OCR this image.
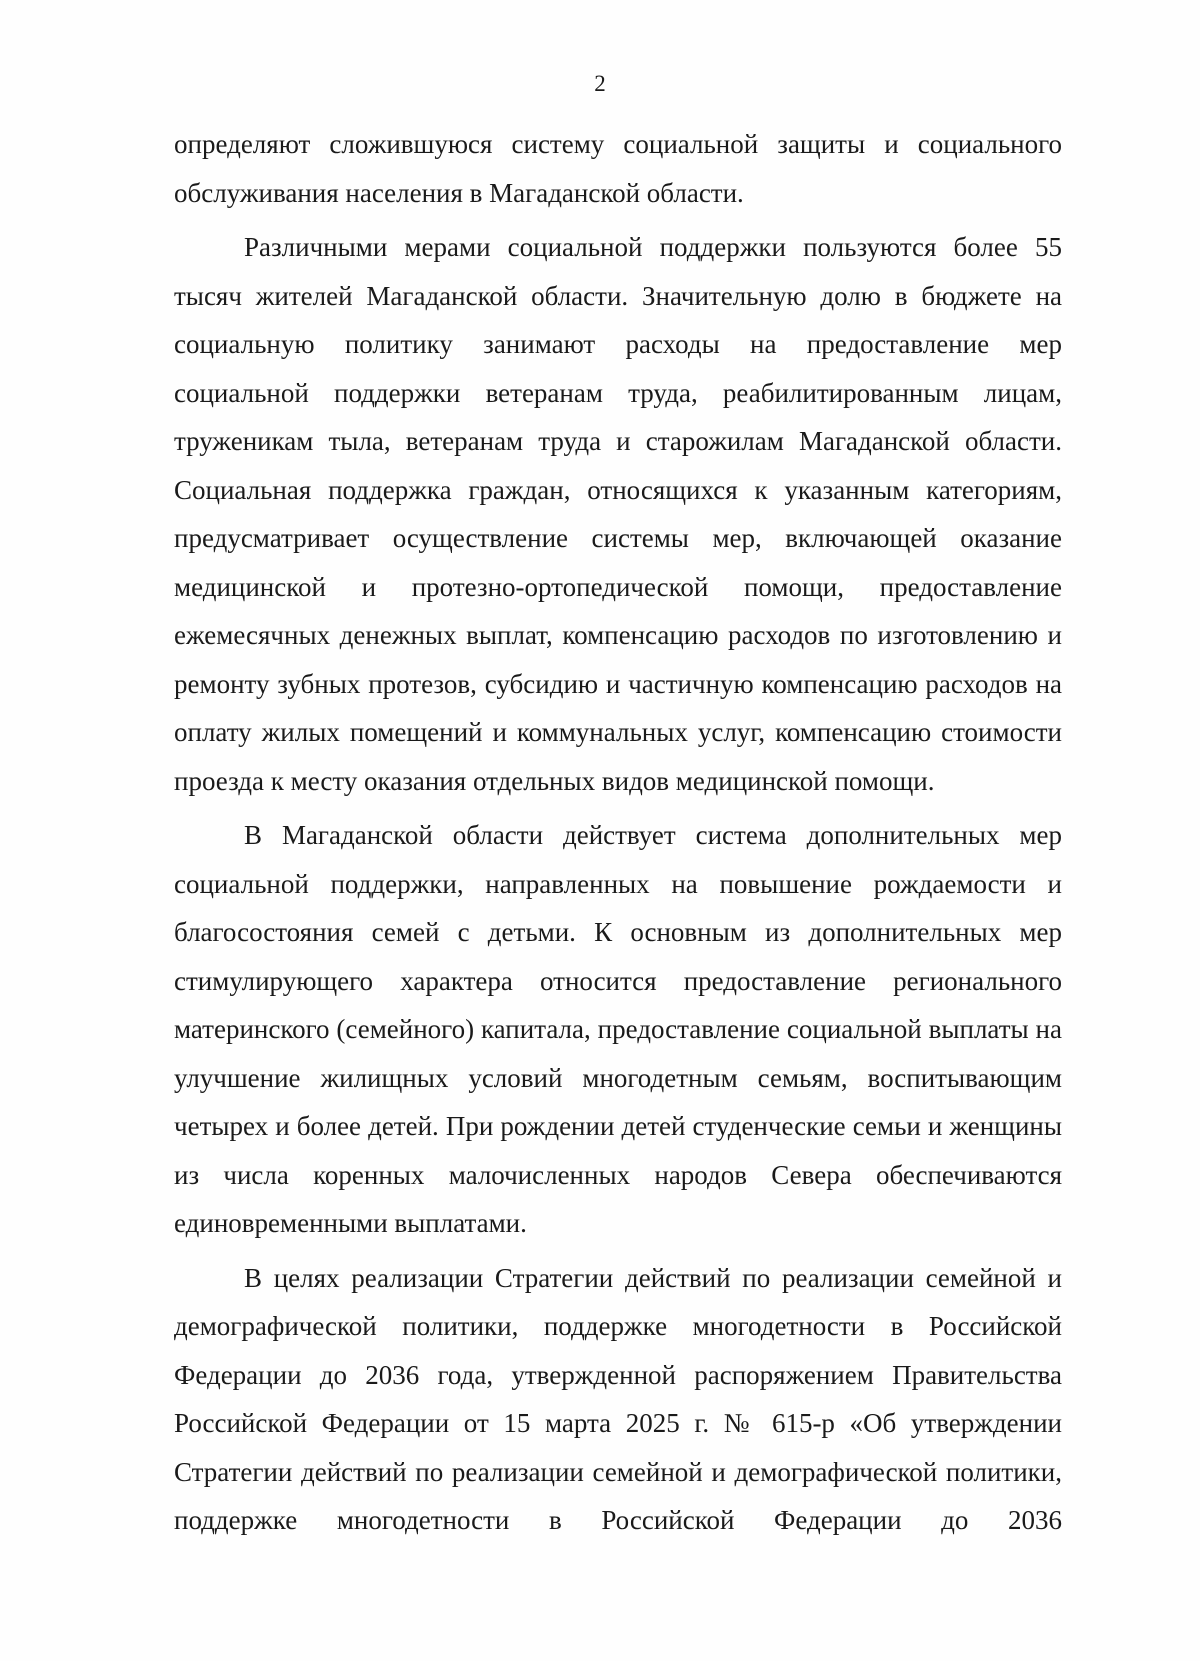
2

определяют сложившуюся систему социальной защиты и социального обслуживания населения в Магаданской области.

Различными мерами социальной поддержки пользуются более 55 тысяч жителей Магаданской области. Значительную долю в бюджете на социальную политику занимают расходы на предоставление мер социальной поддержки ветеранам труда, реабилитированным лицам, труженикам тыла, ветеранам труда и старожилам Магаданской области. Социальная поддержка граждан, относящихся к указанным категориям, предусматривает осуществление системы мер, включающей оказание медицинской и протезно-ортопедической помощи, предоставление ежемесячных денежных выплат, компенсацию расходов по изготовлению и ремонту зубных протезов, субсидию и частичную компенсацию расходов на оплату жилых помещений и коммунальных услуг, компенсацию стоимости проезда к месту оказания отдельных видов медицинской помощи.

В Магаданской области действует система дополнительных мер социальной поддержки, направленных на повышение рождаемости и благосостояния семей с детьми. К основным из дополнительных мер стимулирующего характера относится предоставление регионального материнского (семейного) капитала, предоставление социальной выплаты на улучшение жилищных условий многодетным семьям, воспитывающим четырех и более детей. При рождении детей студенческие семьи и женщины из числа коренных малочисленных народов Севера обеспечиваются единовременными выплатами.

В целях реализации Стратегии действий по реализации семейной и демографической политики, поддержке многодетности в Российской Федерации до 2036 года, утвержденной распоряжением Правительства Российской Федерации от 15 марта 2025 г. № 615-р «Об утверждении Стратегии действий по реализации семейной и демографической политики, поддержке многодетности в Российской Федерации до 2036
